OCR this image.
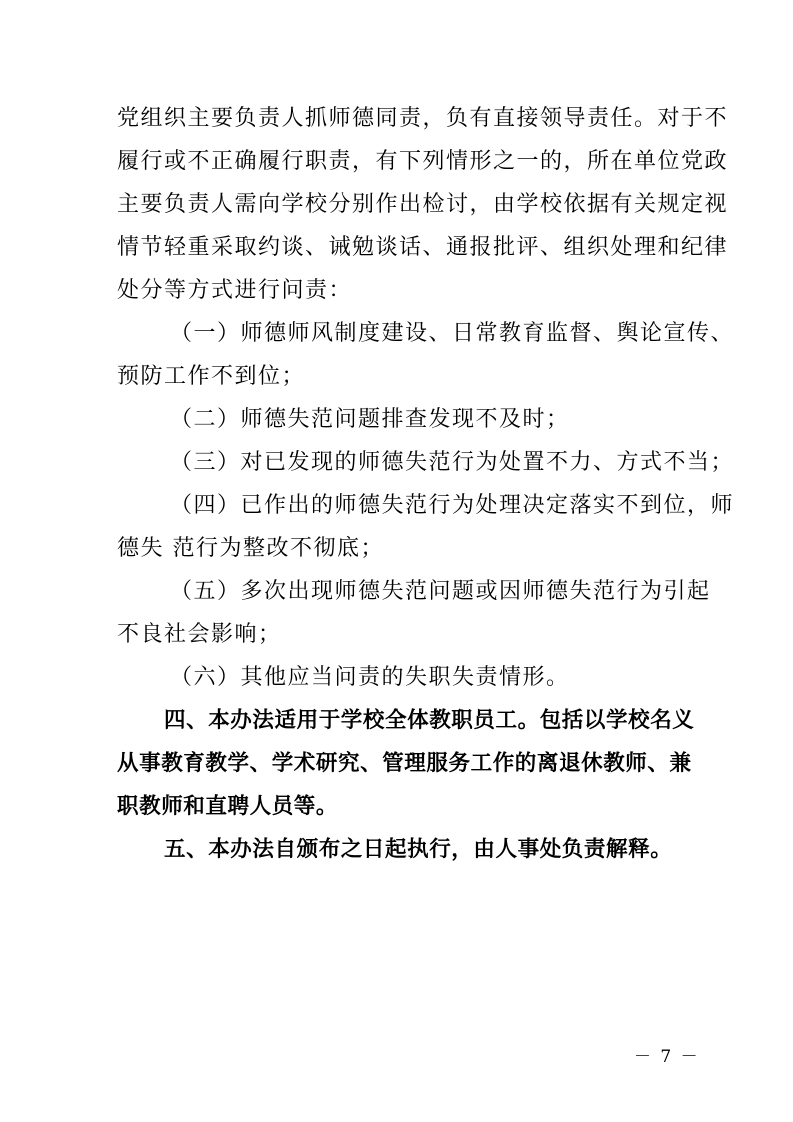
党组织主要负责人抓师德同责，负有直接领导责任。对于不
履行或不正确履行职责，有下列情形之一的，所在单位党政
主要负责人需向学校分别作出检讨，由学校依据有关规定视
情节轻重采取约谈、诫勉谈话、通报批评、组织处理和纪律
处分等方式进行问责：
（一）师德师风制度建设、日常教育监督、舆论宣传、
预防工作不到位；
（二）师德失范问题排查发现不及时；
（三）对已发现的师德失范行为处置不力、方式不当；
（四）已作出的师德失范行为处理决定落实不到位，师
德失 范行为整改不彻底；
（五）多次出现师德失范问题或因师德失范行为引起
不良社会影响；
（六）其他应当问责的失职失责情形。
四、本办法适用于学校全体教职员工。包括以学校名义
从事教育教学、学术研究、管理服务工作的离退休教师、兼
职教师和直聘人员等。
五、本办法自颁布之日起执行，由人事处负责解释。
－ 7 －
